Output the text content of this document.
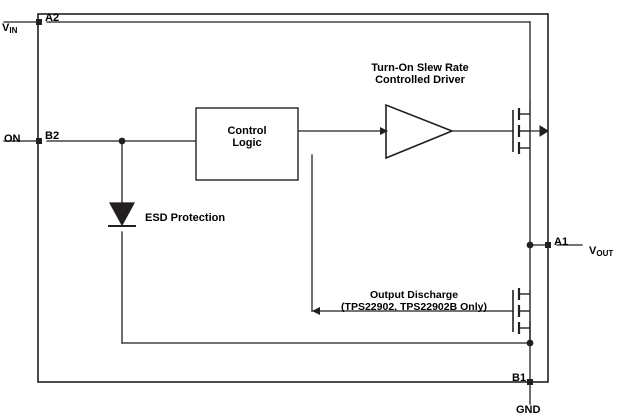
VIN
A2
ON B2	Control
Logic
Turn-On Slew Rate
Controlled Driver
ESD Protection
Output Discharge
(TPS22902, TPS22902B Only)
A1
VOUT
B1
GND
